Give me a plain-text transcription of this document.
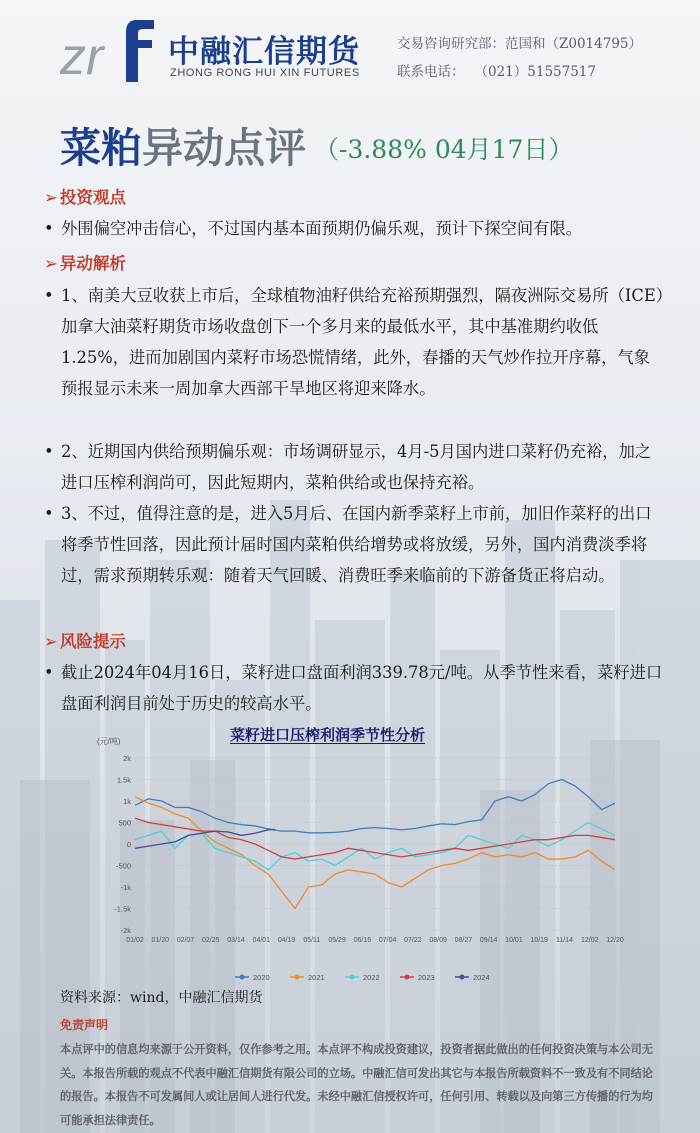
zr 中融汇信期货
ZHONG RONG HUI XIN FUTURES
交易咨询研究部：范国和（Z0014795）
联系电话： （021）51557517
菜粕异动点评 （-3.88% 04月17日）
➢ 投资观点
• 外围偏空冲击信心，不过国内基本面预期仍偏乐观，预计下探空间有限。
➢ 异动解析
• 1、南美大豆收获上市后，全球植物油籽供给充裕预期强烈，隔夜洲际交易所（ICE）加拿大油菜籽期货市场收盘创下一个多月来的最低水平，其中基准期约收低1.25%，进而加剧国内菜籽市场恐慌情绪，此外，春播的天气炒作拉开序幕，气象预报显示未来一周加拿大西部干旱地区将迎来降水。
• 2、近期国内供给预期偏乐观：市场调研显示，4月-5月国内进口菜籽仍充裕，加之进口压榨利润尚可，因此短期内，菜粕供给或也保持充裕。
• 3、不过，值得注意的是，进入5月后、在国内新季菜籽上市前，加旧作菜籽的出口将季节性回落，因此预计届时国内菜粕供给增势或将放缓，另外，国内消费淡季将过，需求预期转乐观：随着天气回暖、消费旺季来临前的下游备货正将启动。
➢ 风险提示
• 截止2024年04月16日，菜籽进口盘面利润339.78元/吨。从季节性来看，菜籽进口盘面利润目前处于历史的较高水平。
菜籽进口压榨利润季节性分析
(元/吨)
-2k
-1.5k
-1k
-500
0
500
1k
1.5k
2k
01/02 01/20 02/07 02/25 03/14 04/01 04/19 05/11 05/29 06/16 07/04 07/22 08/09 08/27 09/14 10/01 10/19 11/14 12/02 12/20
2020	2021	2022	2023	2024
资料来源：wind，中融汇信期货
免责声明
本点评中的信息均来源于公开资料，仅作参考之用。本点评不构成投资建议，投资者据此做出的任何投资决策与本公司无关。本报告所载的观点不代表中融汇信期货有限公司的立场。中融汇信可发出其它与本报告所载资料不一致及有不同结论的报告。本报告不可发属间人或让居间人进行代发。未经中融汇信授权许可，任何引用、转载以及向第三方传播的行为均可能承担法律责任。
